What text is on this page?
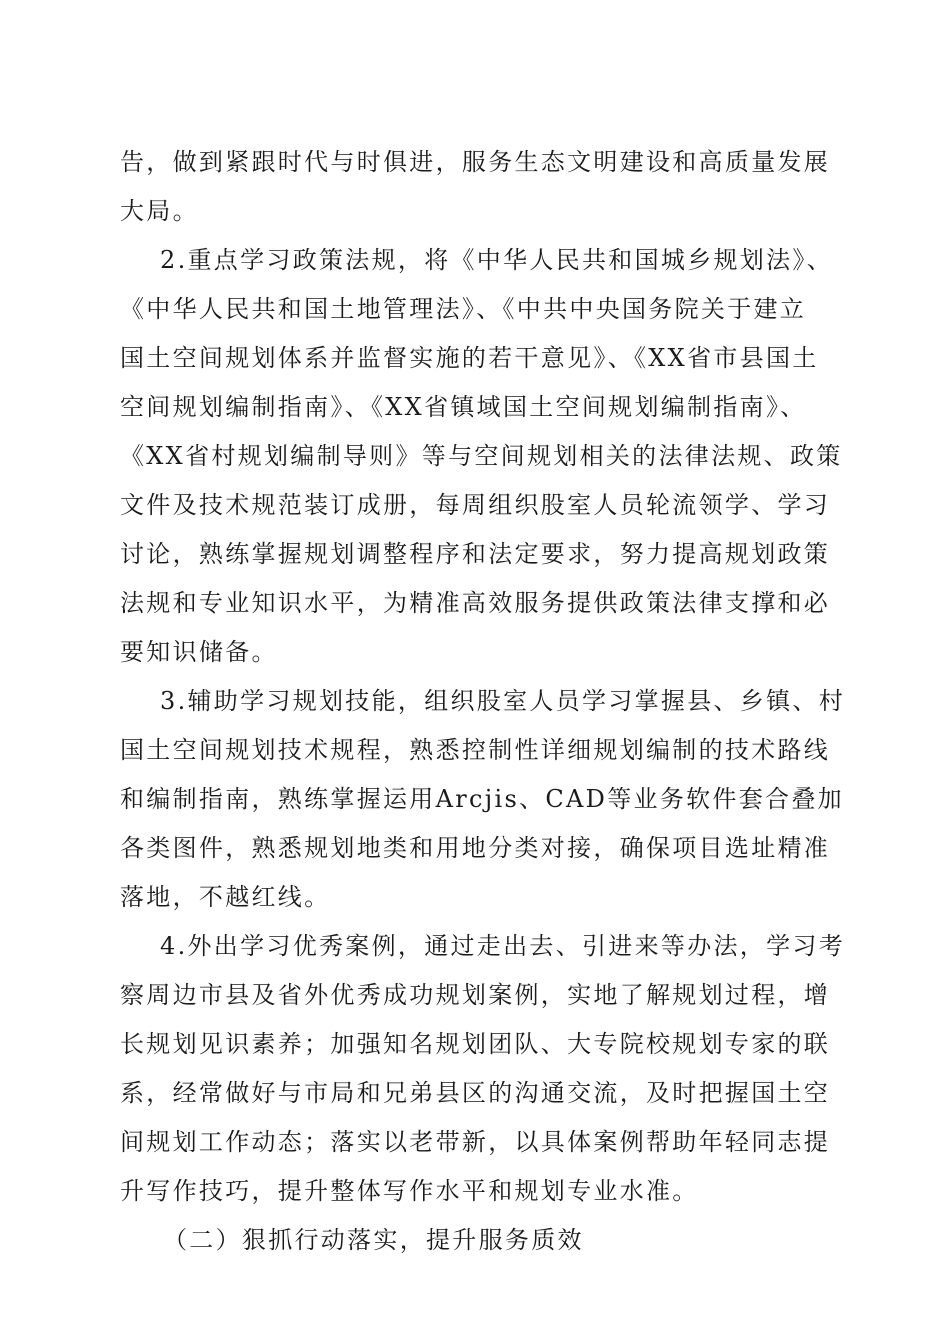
告，做到紧跟时代与时俱进，服务生态文明建设和高质量发展
大局。
2.重点学习政策法规，将《中华人民共和国城乡规划法》、
《中华人民共和国土地管理法》、《中共中央国务院关于建立
国土空间规划体系并监督实施的若干意见》、《XX省市县国土
空间规划编制指南》、《XX省镇域国土空间规划编制指南》、
《XX省村规划编制导则》等与空间规划相关的法律法规、政策
文件及技术规范装订成册，每周组织股室人员轮流领学、学习
讨论，熟练掌握规划调整程序和法定要求，努力提高规划政策
法规和专业知识水平，为精准高效服务提供政策法律支撑和必
要知识储备。
3.辅助学习规划技能，组织股室人员学习掌握县、乡镇、村
国土空间规划技术规程，熟悉控制性详细规划编制的技术路线
和编制指南，熟练掌握运用Arcjis、CAD等业务软件套合叠加
各类图件，熟悉规划地类和用地分类对接，确保项目选址精准
落地，不越红线。
4.外出学习优秀案例，通过走出去、引进来等办法，学习考
察周边市县及省外优秀成功规划案例，实地了解规划过程，增
长规划见识素养；加强知名规划团队、大专院校规划专家的联
系，经常做好与市局和兄弟县区的沟通交流，及时把握国土空
间规划工作动态；落实以老带新，以具体案例帮助年轻同志提
升写作技巧，提升整体写作水平和规划专业水准。
（二）狠抓行动落实，提升服务质效
